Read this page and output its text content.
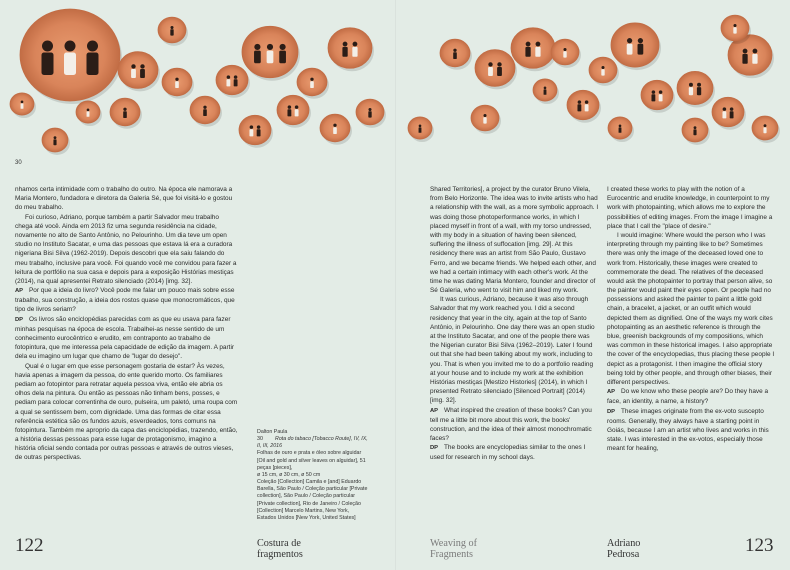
30

nhamos certa intimidade com o trabalho do outro. Na época ele namorava a Maria Montero, fundadora e diretora da Galeria Sé, que foi visitá-lo e gostou do meu trabalho.

Foi curioso, Adriano, porque também a partir Salvador meu trabalho chega até você. Ainda em 2013 fiz uma segunda residência na cidade, novamente no alto de Santo Antônio, no Pelourinho. Um dia teve um open studio no Instituto Sacatar, e uma das pessoas que estava lá era a curadora nigeriana Bisi Silva (1962-2019). Depois descobri que ela saiu falando do meu trabalho, inclusive para você. Foi quando você me convidou para fazer a leitura de portfólio na sua casa e depois para a exposição Histórias mestiças (2014), na qual apresentei Retrato silenciado (2014) [img. 32].

AP Por que a ideia do livro? Você pode me falar um pouco mais sobre esse trabalho, sua construção, a ideia dos rostos quase que monocromáticos, que tipo de livros seriam?

DP Os livros são enciclopédias parecidas com as que eu usava para fazer minhas pesquisas na época de escola. Trabalhei-as nesse sentido de um conhecimento eurocêntrico e erudito, em contraponto ao trabalho de fotopintura, que me interessa pela capacidade de edição da imagem. A partir dela eu imagino um lugar que chamo de "lugar do desejo".

Qual é o lugar em que esse personagem gostaria de estar? Às vezes, havia apenas a imagem da pessoa, do ente querido morto. Os familiares pediam ao fotopintor para retratar aquela pessoa viva, então ele abria os olhos dela na pintura. Ou então as pessoas não tinham bens, posses, e pediam para colocar correntinha de ouro, pulseira, um paletó, uma roupa com a qual se sentissem bem, com dignidade. Uma das formas de citar essa referência estética são os fundos azuis, esverdeados, tons comuns na fotopintura. Também me aproprio da capa das enciclopédias, trazendo, então, a história dessas pessoas para esse lugar de protagonismo, imagino a história oficial sendo contada por outras pessoas e através de outros vieses, de outras perspectivas.

Dalton Paula
30 Rota do tabaco [Tobacco Route], IV, IX, II, III, 2016
Folhas de ouro e prata e óleo sobre alguidar [Oil and gold and silver leaves on alguidar], 51 peças [pieces],
ø 15 cm, ø 30 cm, ø 50 cm
Coleção [Collection] Camila e [and] Eduardo Barella, São Paulo / Coleção particular [Private collection], São Paulo / Coleção particular [Private collection], Rio de Janeiro / Coleção [Collection] Marcelo Martins, New York, Estados Unidos [New York, United States]

Shared Territories], a project by the curator Bruno Vilela, from Belo Horizonte. The idea was to invite artists who had a relationship with the wall, as a more symbolic approach. I was doing those photoperformance works, in which I placed myself in front of a wall, with my torso undressed, with my body in a situation of having been silenced, suffering the illness of suffocation [img. 29]. At this residency there was an artist from São Paulo, Gustavo Ferro, and we became friends. We helped each other, and we had a certain intimacy with each other's work. At the time he was dating Maria Montero, founder and director of Sé Galeria, who went to visit him and liked my work.

It was curious, Adriano, because it was also through Salvador that my work reached you. I did a second residency that year in the city, again at the top of Santo Antônio, in Pelourinho. One day there was an open studio at the Instituto Sacatar, and one of the people there was the Nigerian curator Bisi Silva (1962–2019). Later I found out that she had been talking about my work, including to you. That is when you invited me to do a portfolio reading at your house and to include my work at the exhibition Histórias mestiças [Mestizo Histories] (2014), in which I presented Retrato silenciado [Silenced Portrait] (2014) [img. 32].

AP What inspired the creation of these books? Can you tell me a little bit more about this work, the books' construction, and the idea of their almost monochromatic faces?

DP The books are encyclopedias similar to the ones I used for research in my school days.

I created these works to play with the notion of a Eurocentric and erudite knowledge, in counterpoint to my work with photopainting, which allows me to explore the possibilities of editing images. From the image I imagine a place that I call the "place of desire."

I would imagine: Where would the person who I was interpreting through my painting like to be? Sometimes there was only the image of the deceased loved one to work from. Historically, these images were created to commemorate the dead. The relatives of the deceased would ask the photopainter to portray that person alive, so the painter would paint their eyes open. Or people had no possessions and asked the painter to paint a little gold chain, a bracelet, a jacket, or an outfit which would depicted them as dignified. One of the ways my work cites photopainting as an aesthetic reference is through the blue, greenish backgrounds of my compositions, which was common in these historical images. I also appropriate the cover of the encyclopedias, thus placing these people I depict as a protagonist. I then imagine the official story being told by other people, and through other biases, their different perspectives.

AP Do we know who these people are? Do they have a face, an identity, a name, a history?

DP These images originate from the ex-voto suscepto rooms. Generally, they always have a starting point in Goiás, because I am an artist who lives and works in this state. I was interested in the ex-votos, especially those meant for healing,

122	Costura de
fragmentos
Weaving of
Fragments
Adriano
Pedrosa	123
